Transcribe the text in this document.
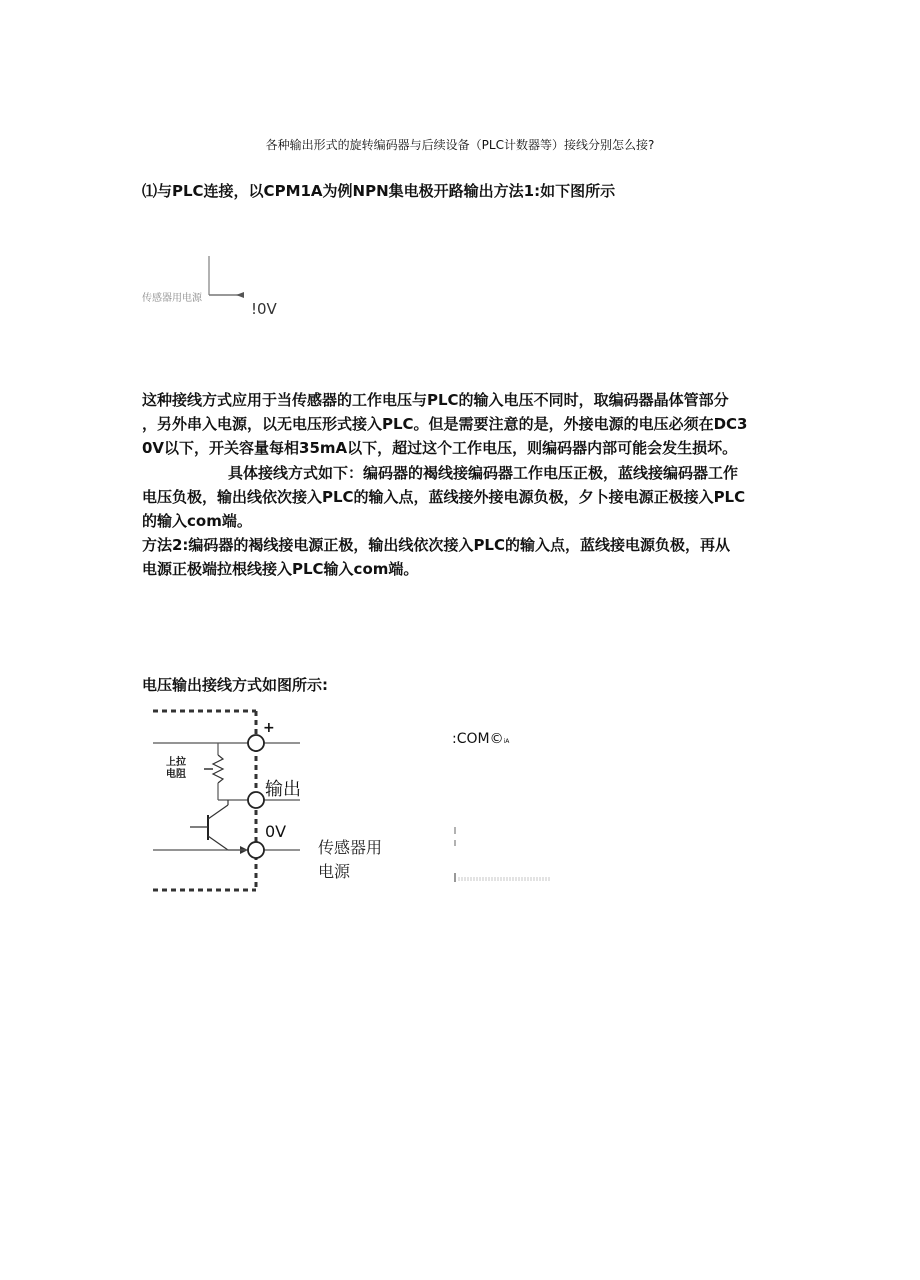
各种输出形式的旋转编码器与后续设备（PLC计数器等）接线分别怎么接?
⑴与PLC连接，以CPM1A为例NPN集电极开路输出方法1:如下图所示
传感器用电源
!0V
这种接线方式应用于当传感器的工作电压与PLC的输入电压不同时，取编码器晶体管部分
，另外串入电源，以无电压形式接入PLC。但是需要注意的是，外接电源的电压必须在DC3
0V以下，开关容量每相35mA以下，超过这个工作电压，则编码器内部可能会发生损坏。
具体接线方式如下：编码器的褐线接编码器工作电压正极，蓝线接编码器工作
电压负极，输出线依次接入PLC的输入点，蓝线接外接电源负极，夕卜接电源正极接入PLC
的输入com端。
方法2:编码器的褐线接电源正极，输出线依次接入PLC的输入点，蓝线接电源负极，再从
电源正极端拉根线接入PLC输入com端。
电压输出接线方式如图所示:
+
上拉
电阻
输出
0V
传感器用
电源
:COM©iA
